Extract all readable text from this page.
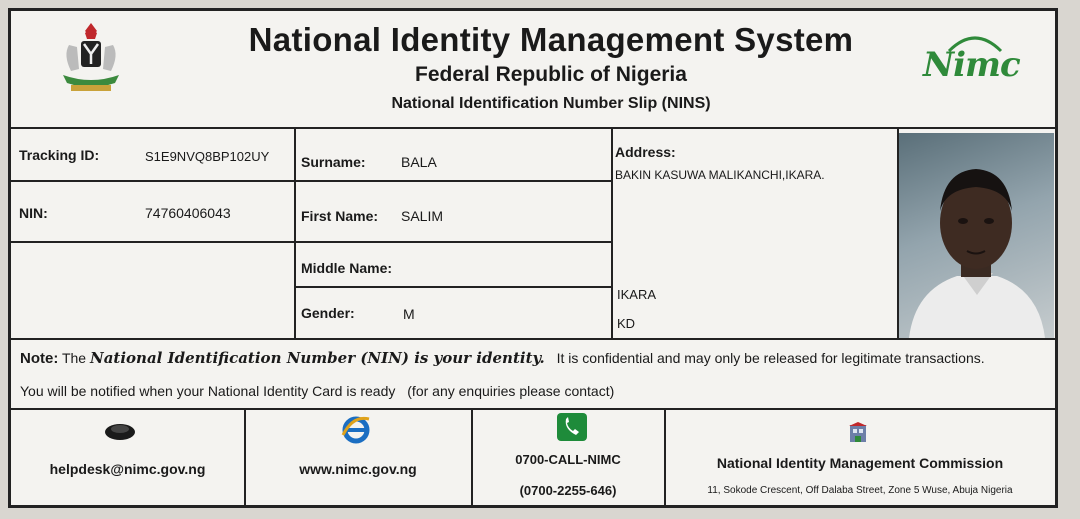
National Identity Management System
Federal Republic of Nigeria
National Identification Number Slip (NINS)
Nimc
Tracking ID:	S1E9NVQ8BP102UY
NIN:	74760406043
Surname:	BALA
First Name: SALIM
Middle Name:
Gender:	M
Address:
BAKIN KASUWA MALIKANCHI,IKARA.
IKARA
KD
Note: The National Identification Number (NIN) is your identity. It is confidential and may only be released for legitimate transactions.
You will be notified when your National Identity Card is ready (for any enquiries please contact)
helpdesk@nimc.gov.ng	www.nimc.gov.ng
0700-CALL-NIMC
(0700-2255-646)
National Identity Management Commission
11, Sokode Crescent, Off Dalaba Street, Zone 5 Wuse, Abuja Nigeria
